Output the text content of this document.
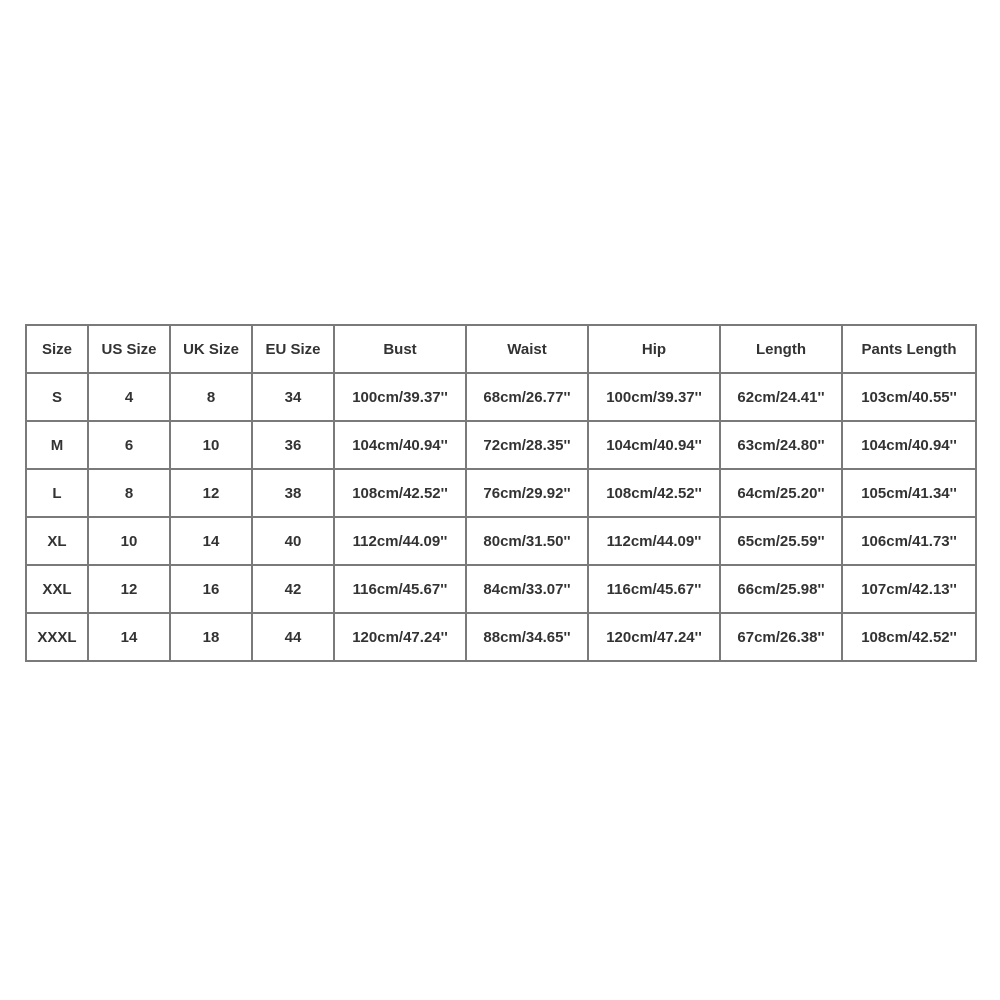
Size	US Size	UK Size	EU Size	Bust	Waist	Hip	Length	Pants Length
S	4	8	34	100cm/39.37''	68cm/26.77''	100cm/39.37''	62cm/24.41''	103cm/40.55''
M	6	10	36	104cm/40.94''	72cm/28.35''	104cm/40.94''	63cm/24.80''	104cm/40.94''
L	8	12	38	108cm/42.52''	76cm/29.92''	108cm/42.52''	64cm/25.20''	105cm/41.34''
XL	10	14	40	112cm/44.09''	80cm/31.50''	112cm/44.09''	65cm/25.59''	106cm/41.73''
XXL	12	16	42	116cm/45.67''	84cm/33.07''	116cm/45.67''	66cm/25.98''	107cm/42.13''
XXXL	14	18	44	120cm/47.24''	88cm/34.65''	120cm/47.24''	67cm/26.38''	108cm/42.52''
